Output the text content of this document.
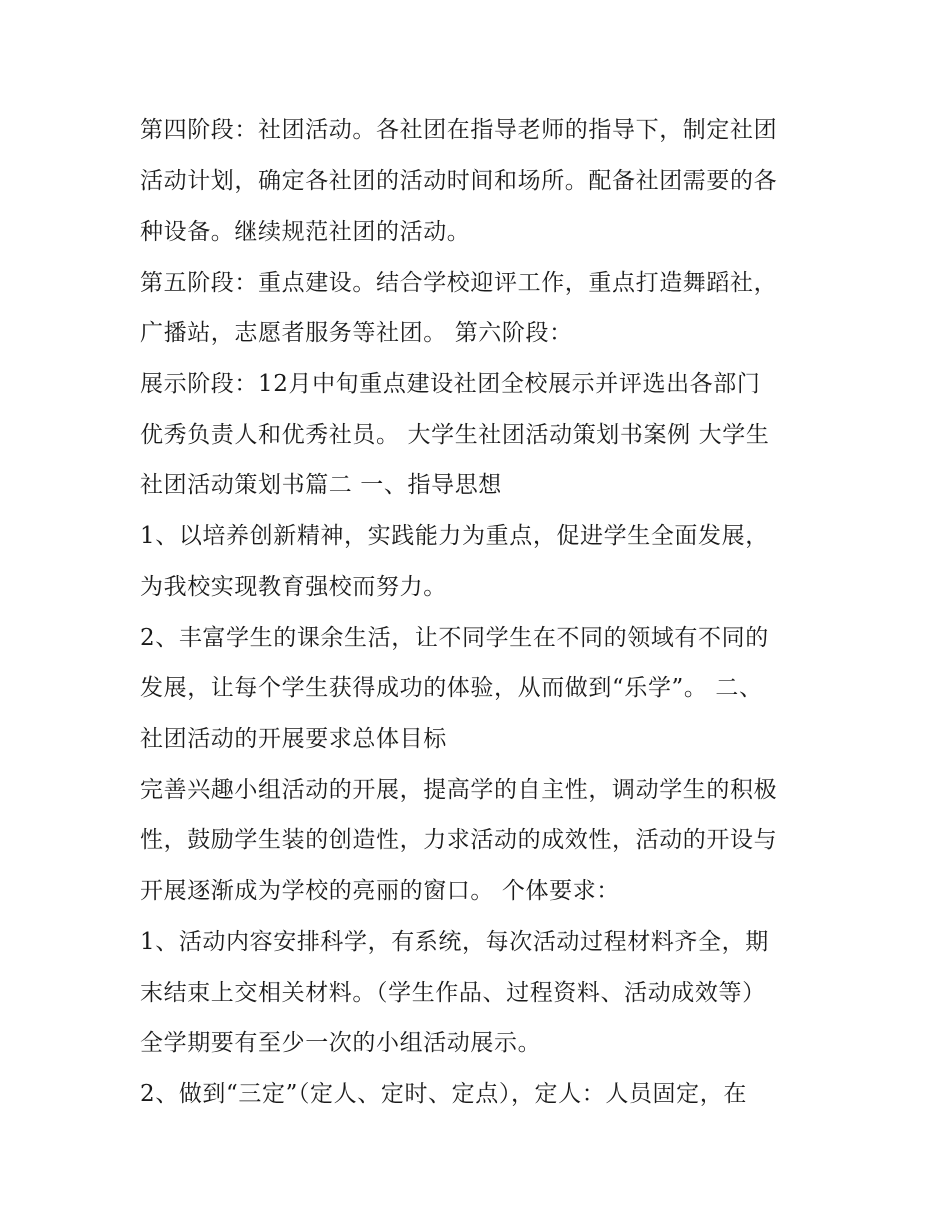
第四阶段：社团活动。各社团在指导老师的指导下，制定社团

活动计划，确定各社团的活动时间和场所。配备社团需要的各

种设备。继续规范社团的活动。

第五阶段：重点建设。结合学校迎评工作，重点打造舞蹈社，

广播站，志愿者服务等社团。 第六阶段：

展示阶段：12月中旬重点建设社团全校展示并评选出各部门

优秀负责人和优秀社员。 大学生社团活动策划书案例 大学生

社团活动策划书篇二 一、指导思想

1、以培养创新精神，实践能力为重点，促进学生全面发展，

为我校实现教育强校而努力。

2、丰富学生的课余生活，让不同学生在不同的领域有不同的

发展，让每个学生获得成功的体验，从而做到“乐学”。 二、

社团活动的开展要求总体目标

完善兴趣小组活动的开展，提高学的自主性，调动学生的积极

性，鼓励学生装的创造性，力求活动的成效性，活动的开设与

开展逐渐成为学校的亮丽的窗口。 个体要求：

1、活动内容安排科学，有系统，每次活动过程材料齐全，期

末结束上交相关材料。（学生作品、过程资料、活动成效等）

全学期要有至少一次的小组活动展示。

2、做到“三定”（定人、定时、定点），定人：人员固定，在
